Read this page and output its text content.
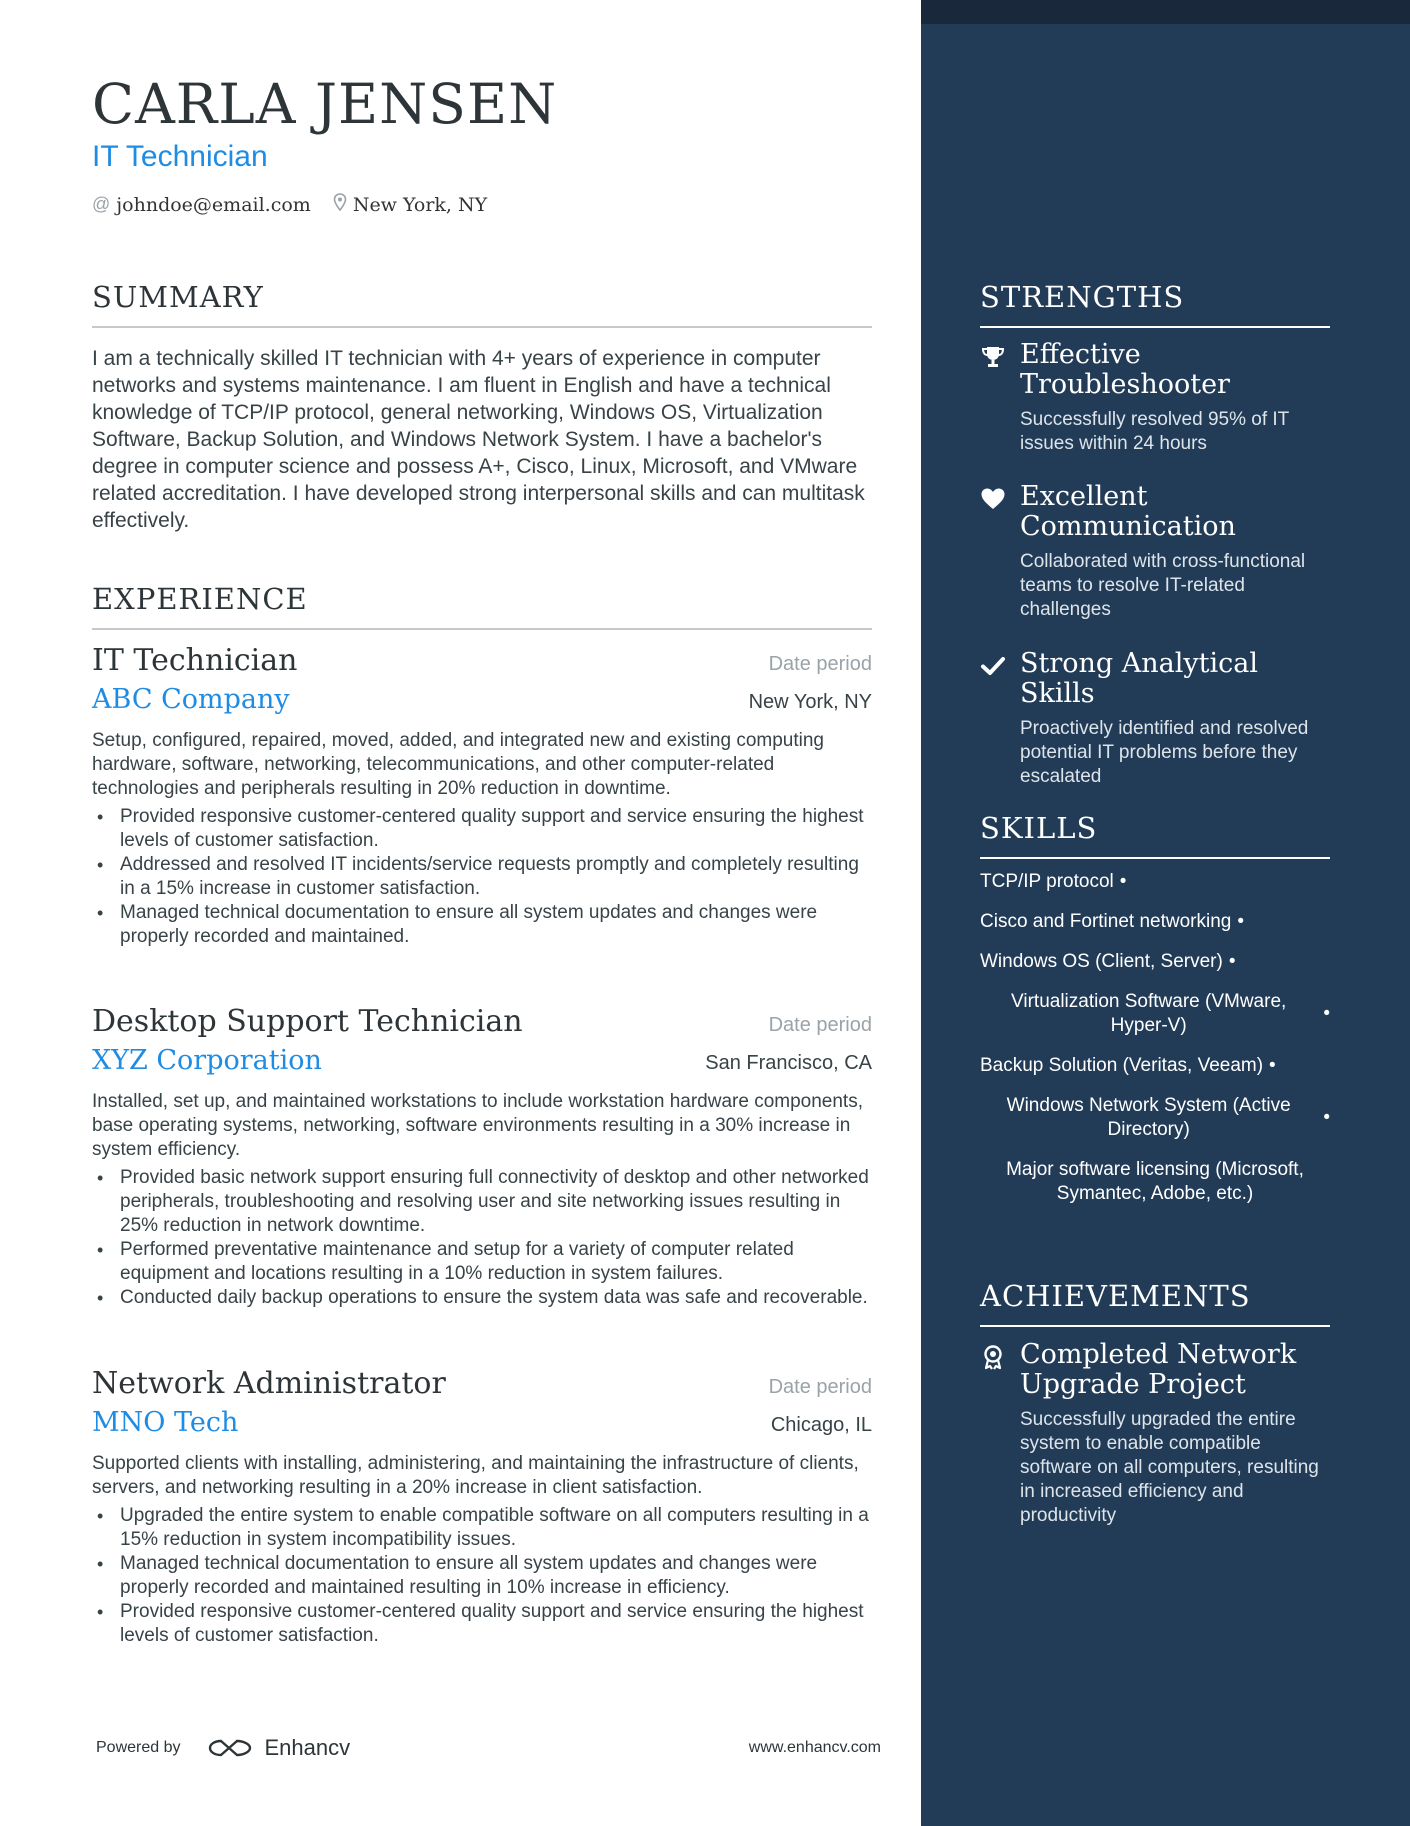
CARLA JENSEN
IT Technician
@ johndoe@email.com New York, NY
SUMMARY

I am a technically skilled IT technician with 4+ years of experience in computer networks and systems maintenance. I am fluent in English and have a technical knowledge of TCP/IP protocol, general networking, Windows OS, Virtualization Software, Backup Solution, and Windows Network System. I have a bachelor's degree in computer science and possess A+, Cisco, Linux, Microsoft, and VMware related accreditation. I have developed strong interpersonal skills and can multitask effectively.

EXPERIENCE
IT Technician	Date period
ABC Company	New York, NY
Setup, configured, repaired, moved, added, and integrated new and existing computing hardware, software, networking, telecommunications, and other computer-related technologies and peripherals resulting in 20% reduction in downtime.
• Provided responsive customer-centered quality support and service ensuring the highest levels of customer satisfaction.
• Addressed and resolved IT incidents/service requests promptly and completely resulting in a 15% increase in customer satisfaction.
• Managed technical documentation to ensure all system updates and changes were properly recorded and maintained.
Desktop Support Technician	Date period
XYZ Corporation	San Francisco, CA
Installed, set up, and maintained workstations to include workstation hardware components, base operating systems, networking, software environments resulting in a 30% increase in system efficiency.
• Provided basic network support ensuring full connectivity of desktop and other networked peripherals, troubleshooting and resolving user and site networking issues resulting in 25% reduction in network downtime.
• Performed preventative maintenance and setup for a variety of computer related equipment and locations resulting in a 10% reduction in system failures.
• Conducted daily backup operations to ensure the system data was safe and recoverable.
Network Administrator	Date period
MNO Tech	Chicago, IL
Supported clients with installing, administering, and maintaining the infrastructure of clients, servers, and networking resulting in a 20% increase in client satisfaction.
• Upgraded the entire system to enable compatible software on all computers resulting in a 15% reduction in system incompatibility issues.
• Managed technical documentation to ensure all system updates and changes were properly recorded and maintained resulting in 10% increase in efficiency.
• Provided responsive customer-centered quality support and service ensuring the highest levels of customer satisfaction.
Powered by	Enhancv	www.enhancv.com
STRENGTHS
Effective Troubleshooter
Successfully resolved 95% of IT issues within 24 hours
Excellent Communication
Collaborated with cross-functional teams to resolve IT-related challenges
Strong Analytical Skills
Proactively identified and resolved potential IT problems before they escalated
SKILLS
TCP/IP protocol •
Cisco and Fortinet networking •
Windows OS (Client, Server) •
Virtualization Software (VMware, Hyper-V)
•
Backup Solution (Veritas, Veeam) •
Windows Network System (Active Directory)
•
Major software licensing (Microsoft, Symantec, Adobe, etc.)
ACHIEVEMENTS
Completed Network Upgrade Project
Successfully upgraded the entire system to enable compatible software on all computers, resulting in increased efficiency and productivity
